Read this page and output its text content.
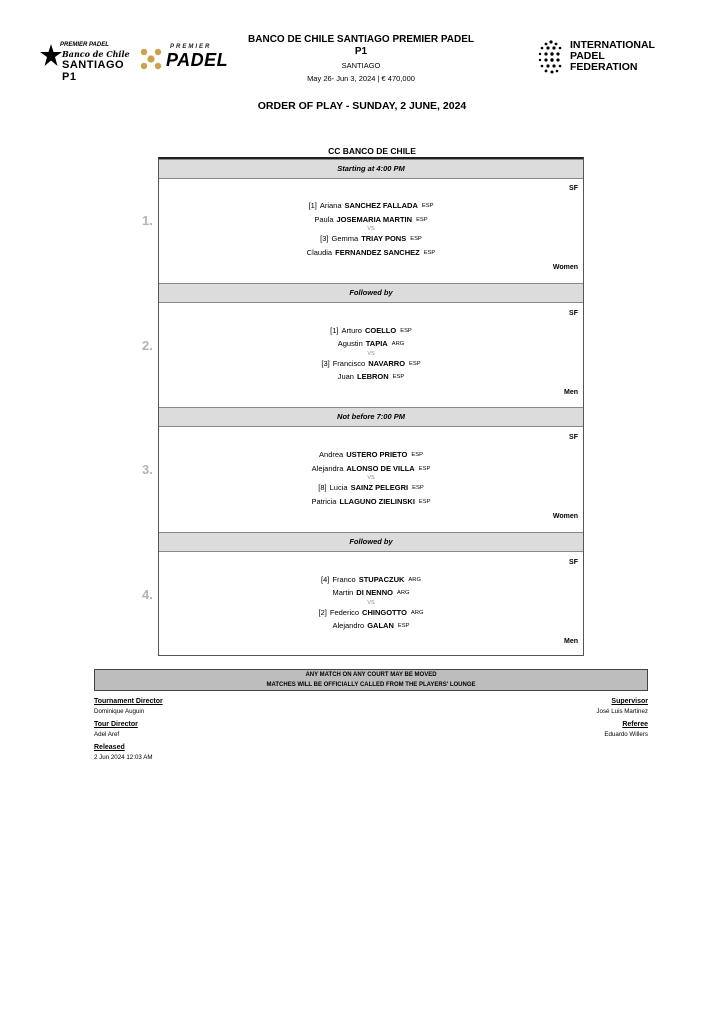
PREMIER PADEL
Banco de Chile
SANTIAGO P1
PREMIER
PADEL
BANCO DE CHILE SANTIAGO PREMIER PADEL
P1
SANTIAGO
May 26- Jun 3, 2024 | € 470,000
INTERNATIONAL
PADEL
FEDERATION
ORDER OF PLAY - SUNDAY, 2 JUNE, 2024
CC BANCO DE CHILE
Starting at 4:00 PM
SF
[1] Ariana SANCHEZ FALLADA ESP
Paula JOSEMARIA MARTIN ESP
VS
[3] Gemma TRIAY PONS ESP
Claudia FERNANDEZ SANCHEZ ESP
Women
Followed by
SF
[1] Arturo COELLO ESP
Agustin TAPIA ARG
VS
[3] Francisco NAVARRO ESP
Juan LEBRON ESP
Men
Not before 7:00 PM
SF
Andrea USTERO PRIETO ESP
Alejandra ALONSO DE VILLA ESP
VS
[8] Lucia SAINZ PELEGRI ESP
Patricia LLAGUNO ZIELINSKI ESP
Women
Followed by
SF
[4] Franco STUPACZUK ARG
Martin DI NENNO ARG
VS
[2] Federico CHINGOTTO ARG
Alejandro GALAN ESP
Men
1.
2.
3.
4.
ANY MATCH ON ANY COURT MAY BE MOVED
MATCHES WILL BE OFFICIALLY CALLED FROM THE PLAYERS' LOUNGE
Tournament Director
Dominique Auguin
Tour Director
Adel Aref
Released
2 Jun 2024 12:03 AM
Supervisor
José Luis Martinez
Referee
Eduardo Willers
